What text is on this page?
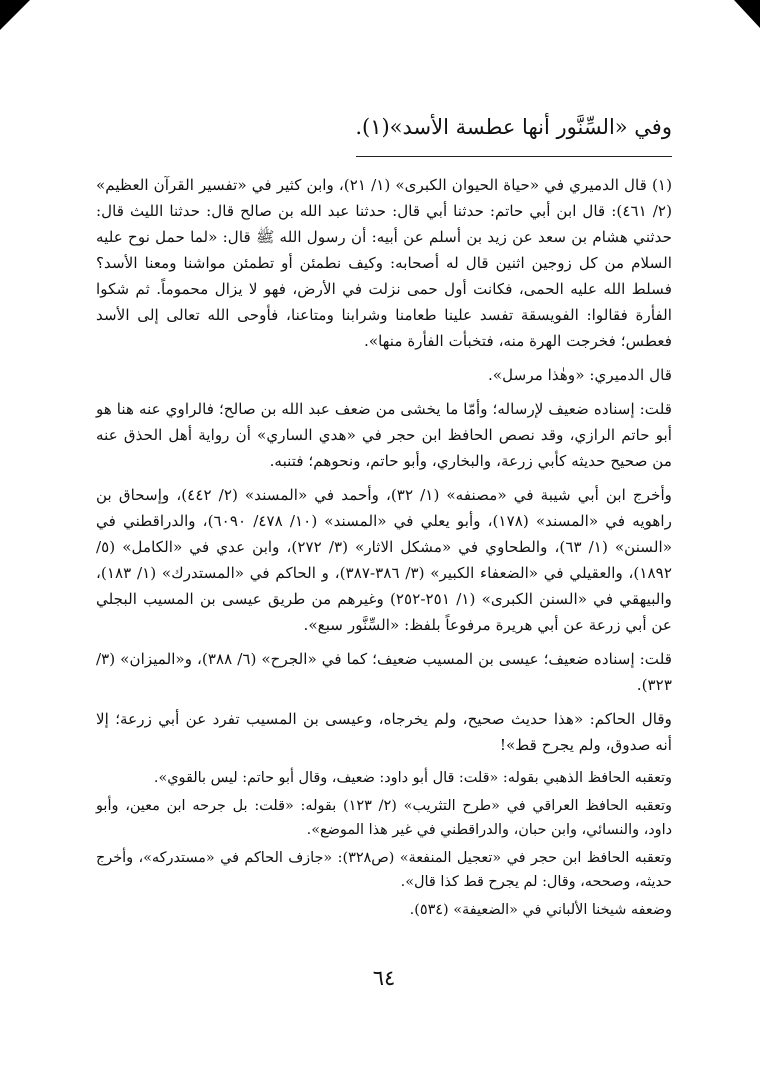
وفي «السِّنَّور أنها عطسة الأسد»(١).

(١) قال الدميري في «حياة الحيوان الكبرى» (١/ ٢١)، وابن كثير في «تفسير القرآن العظيم» (٢/ ٤٦١): قال ابن أبي حاتم: حدثنا أبي قال: حدثنا عبد الله بن صالح قال: حدثنا الليث قال: حدثني هشام بن سعد عن زيد بن أسلم عن أبيه: أن رسول الله ﷺ قال: «لما حمل نوح عليه السلام من كل زوجين اثنين قال له أصحابه: وكيف نطمئن أو تطمئن مواشنا ومعنا الأسد؟ فسلط الله عليه الحمى، فكانت أول حمى نزلت في الأرض، فهو لا يزال محموماً. ثم شكوا الفأرة فقالوا: الفويسقة تفسد علينا طعامنا وشرابنا ومتاعنا، فأوحى الله تعالى إلى الأسد فعطس؛ فخرجت الهرة منه، فتخبأت الفأرة منها».

قال الدميري: «وهٰذا مرسل».

قلت: إسناده ضعيف لإرساله؛ وأمّا ما يخشى من ضعف عبد الله بن صالح؛ فالراوي عنه هنا هو أبو حاتم الرازي، وقد نصص الحافظ ابن حجر في «هدي الساري» أن رواية أهل الحذق عنه من صحيح حديثه كأبي زرعة، والبخاري، وأبو حاتم، ونحوهم؛ فتنبه.

وأخرج ابن أبي شيبة في «مصنفه» (١/ ٣٢)، وأحمد في «المسند» (٢/ ٤٤٢)، وإسحاق بن راهويه في «المسند» (١٧٨)، وأبو يعلي في «المسند» (١٠/ ٤٧٨/ ٦٠٩٠)، والدراقطني في «السنن» (١/ ٦٣)، والطحاوي في «مشكل الاثار» (٣/ ٢٧٢)، وابن عدي في «الكامل» (٥/ ١٨٩٢)، والعقيلي في «الضعفاء الكبير» (٣/ ٣٨٦-٣٨٧)، و الحاكم في «المستدرك» (١/ ١٨٣)، والبيهقي في «السنن الكبرى» (١/ ٢٥١-٢٥٢) وغيرهم من طريق عيسى بن المسيب البجلي عن أبي زرعة عن أبي هريرة مرفوعاً بلفظ: «السِّنَّور سبع».

قلت: إسناده ضعيف؛ عيسى بن المسيب ضعيف؛ كما في «الجرح» (٦/ ٣٨٨)، و«الميزان» (٣/ ٣٢٣).

وقال الحاكم: «هذا حديث صحيح، ولم يخرجاه، وعيسى بن المسيب تفرد عن أبي زرعة؛ إلا أنه صدوق، ولم يجرح قط»!

وتعقبه الحافظ الذهبي بقوله: «قلت: قال أبو داود: ضعيف، وقال أبو حاتم: ليس بالقوي».

وتعقبه الحافظ العراقي في «طرح التثريب» (٢/ ١٢٣) بقوله: «قلت: بل جرحه ابن معين، وأبو داود، والنسائي، وابن حبان، والدراقطني في غير هذا الموضع».

وتعقبه الحافظ ابن حجر في «تعجيل المنفعة» (ص٣٢٨): «جازف الحاكم في «مستدركه»، وأخرج حديثه، وصححه، وقال: لم يجرح قط كذا قال».

وضعفه شيخنا الألباني في «الضعيفة» (٥٣٤).

٦٤
